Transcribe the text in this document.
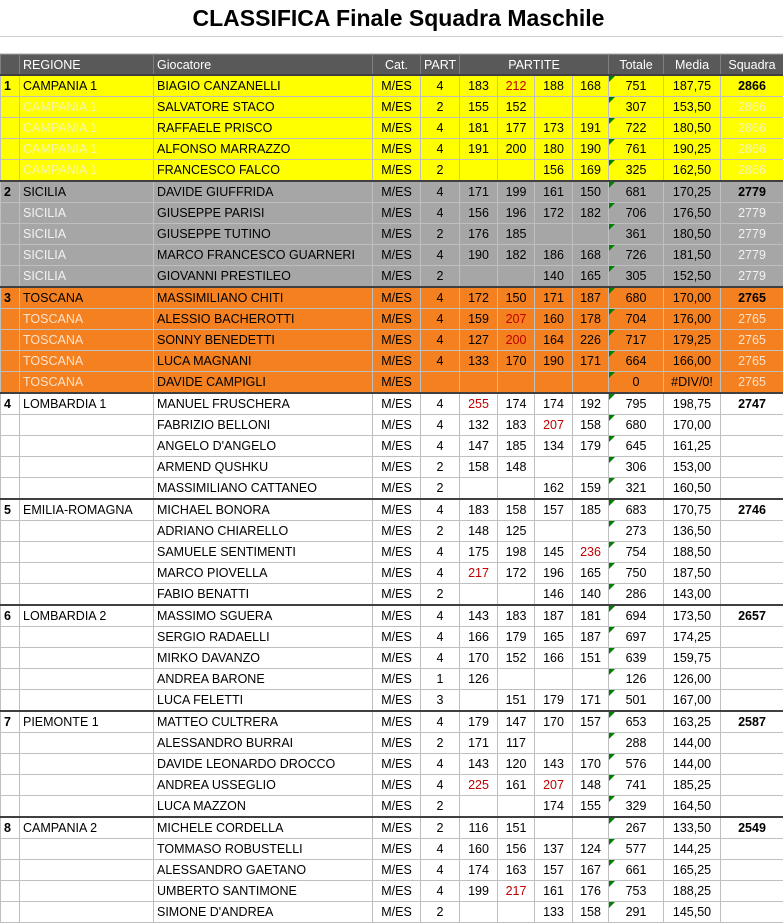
CLASSIFICA Finale Squadra Maschile
	REGIONE	Giocatore	Cat.	PART	PARTITE				Totale	Media	Squadra
1	CAMPANIA 1	BIAGIO CANZANELLI	M/ES	4	183	212	188	168	751	187,75	2866
	CAMPANIA 1	SALVATORE STACO	M/ES	2	155	152			307	153,50	2866
	CAMPANIA 1	RAFFAELE PRISCO	M/ES	4	181	177	173	191	722	180,50	2866
	CAMPANIA 1	ALFONSO MARRAZZO	M/ES	4	191	200	180	190	761	190,25	2866
	CAMPANIA 1	FRANCESCO FALCO	M/ES	2			156	169	325	162,50	2866
2	SICILIA	DAVIDE GIUFFRIDA	M/ES	4	171	199	161	150	681	170,25	2779
	SICILIA	GIUSEPPE PARISI	M/ES	4	156	196	172	182	706	176,50	2779
	SICILIA	GIUSEPPE TUTINO	M/ES	2	176	185			361	180,50	2779
	SICILIA	MARCO FRANCESCO GUARNERI	M/ES	4	190	182	186	168	726	181,50	2779
	SICILIA	GIOVANNI PRESTILEO	M/ES	2			140	165	305	152,50	2779
3	TOSCANA	MASSIMILIANO CHITI	M/ES	4	172	150	171	187	680	170,00	2765
	TOSCANA	ALESSIO BACHEROTTI	M/ES	4	159	207	160	178	704	176,00	2765
	TOSCANA	SONNY BENEDETTI	M/ES	4	127	200	164	226	717	179,25	2765
	TOSCANA	LUCA MAGNANI	M/ES	4	133	170	190	171	664	166,00	2765
	TOSCANA	DAVIDE CAMPIGLI	M/ES						0	#DIV/0!	2765
4	LOMBARDIA 1	MANUEL FRUSCHERA	M/ES	4	255	174	174	192	795	198,75	2747
		FABRIZIO BELLONI	M/ES	4	132	183	207	158	680	170,00	
		ANGELO D'ANGELO	M/ES	4	147	185	134	179	645	161,25	
		ARMEND QUSHKU	M/ES	2	158	148			306	153,00	
		MASSIMILIANO CATTANEO	M/ES	2			162	159	321	160,50	
5	EMILIA-ROMAGNA	MICHAEL BONORA	M/ES	4	183	158	157	185	683	170,75	2746
		ADRIANO CHIARELLO	M/ES	2	148	125			273	136,50	
		SAMUELE SENTIMENTI	M/ES	4	175	198	145	236	754	188,50	
		MARCO PIOVELLA	M/ES	4	217	172	196	165	750	187,50	
		FABIO BENATTI	M/ES	2			146	140	286	143,00	
6	LOMBARDIA 2	MASSIMO SGUERA	M/ES	4	143	183	187	181	694	173,50	2657
		SERGIO RADAELLI	M/ES	4	166	179	165	187	697	174,25	
		MIRKO DAVANZO	M/ES	4	170	152	166	151	639	159,75	
		ANDREA BARONE	M/ES	1	126				126	126,00	
		LUCA FELETTI	M/ES	3		151	179	171	501	167,00	
7	PIEMONTE 1	MATTEO CULTRERA	M/ES	4	179	147	170	157	653	163,25	2587
		ALESSANDRO BURRAI	M/ES	2	171	117			288	144,00	
		DAVIDE LEONARDO DROCCO	M/ES	4	143	120	143	170	576	144,00	
		ANDREA USSEGLIO	M/ES	4	225	161	207	148	741	185,25	
		LUCA MAZZON	M/ES	2			174	155	329	164,50	
8	CAMPANIA 2	MICHELE CORDELLA	M/ES	2	116	151			267	133,50	2549
		TOMMASO ROBUSTELLI	M/ES	4	160	156	137	124	577	144,25	
		ALESSANDRO GAETANO	M/ES	4	174	163	157	167	661	165,25	
		UMBERTO SANTIMONE	M/ES	4	199	217	161	176	753	188,25	
		SIMONE D'ANDREA	M/ES	2			133	158	291	145,50	
